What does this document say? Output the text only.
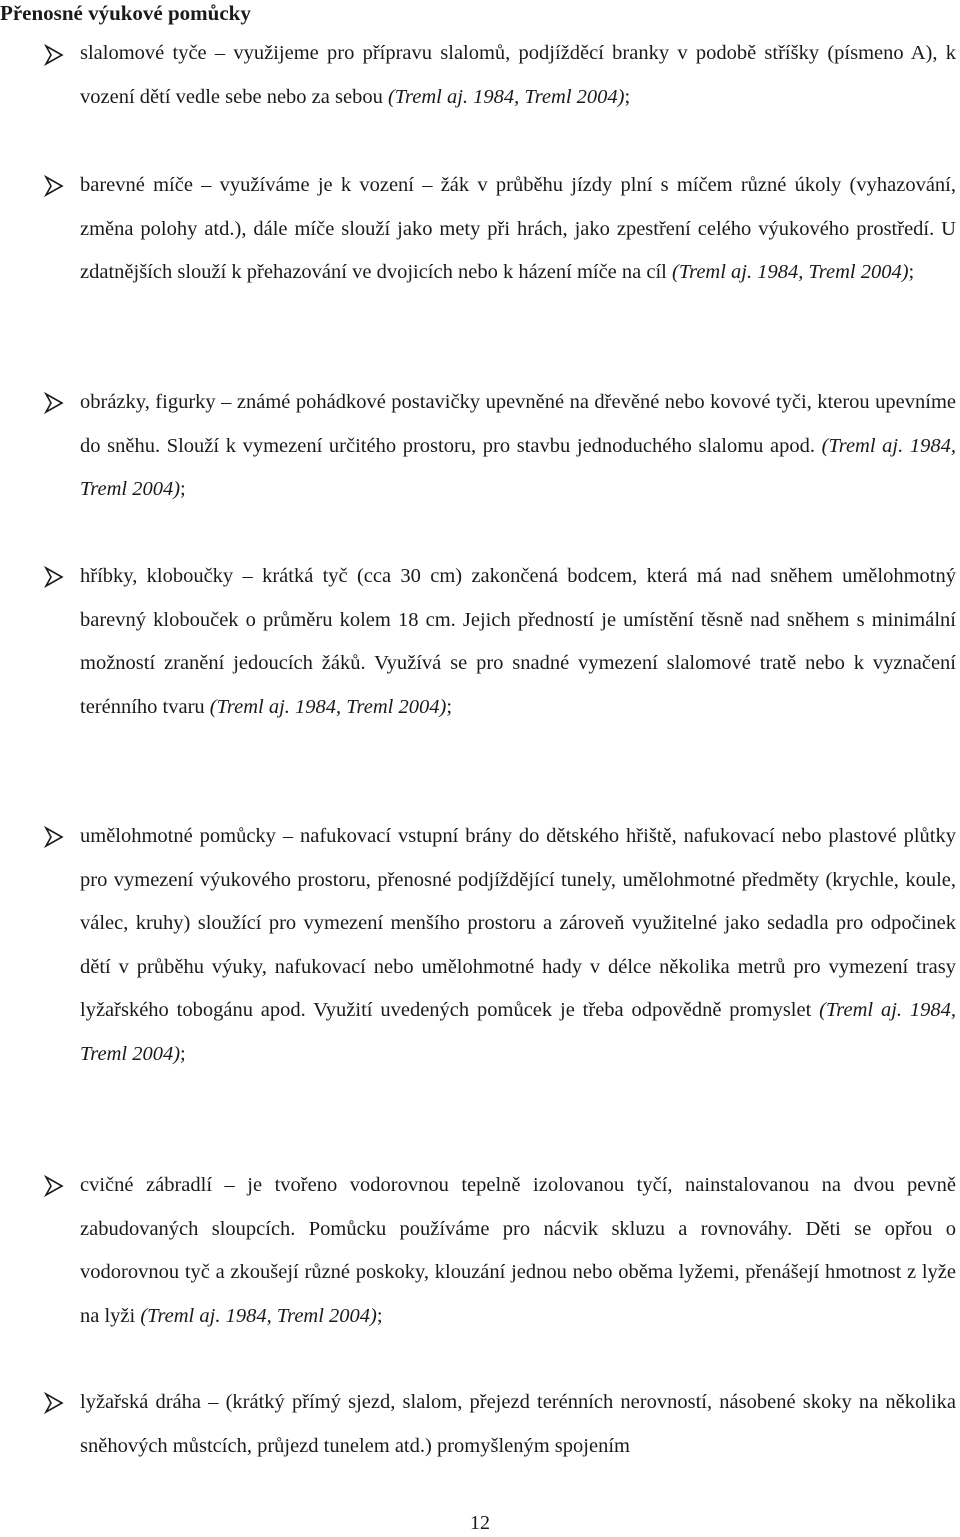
Přenosné výukové pomůcky

slalomové tyče – využijeme pro přípravu slalomů, podjížděcí branky v podobě stříšky (písmeno A), k vození dětí vedle sebe nebo za sebou (Treml aj. 1984, Treml 2004);

barevné míče – využíváme je k vození – žák v průběhu jízdy plní s míčem různé úkoly (vyhazování, změna polohy atd.), dále míče slouží jako mety při hrách, jako zpestření celého výukového prostředí. U zdatnějších slouží k přehazování ve dvojicích nebo k házení míče na cíl (Treml aj. 1984, Treml 2004);

obrázky, figurky – známé pohádkové postavičky upevněné na dřevěné nebo kovové tyči, kterou upevníme do sněhu. Slouží k vymezení určitého prostoru, pro stavbu jednoduchého slalomu apod. (Treml aj. 1984, Treml 2004);

hříbky, kloboučky – krátká tyč (cca 30 cm) zakončená bodcem, která má nad sněhem umělohmotný barevný klobouček o průměru kolem 18 cm. Jejich předností je umístění těsně nad sněhem s minimální možností zranění jedoucích žáků. Využívá se pro snadné vymezení slalomové tratě nebo k vyznačení terénního tvaru (Treml aj. 1984, Treml 2004);

umělohmotné pomůcky – nafukovací vstupní brány do dětského hřiště, nafukovací nebo plastové plůtky pro vymezení výukového prostoru, přenosné podjíždějící tunely, umělohmotné předměty (krychle, koule, válec, kruhy) sloužící pro vymezení menšího prostoru a zároveň využitelné jako sedadla pro odpočinek dětí v průběhu výuky, nafukovací nebo umělohmotné hady v délce několika metrů pro vymezení trasy lyžařského tobogánu apod. Využití uvedených pomůcek je třeba odpovědně promyslet (Treml aj. 1984, Treml 2004);

cvičné zábradlí – je tvořeno vodorovnou tepelně izolovanou tyčí, nainstalovanou na dvou pevně zabudovaných sloupcích. Pomůcku používáme pro nácvik skluzu a rovnováhy. Děti se opřou o vodorovnou tyč a zkoušejí různé poskoky, klouzání jednou nebo oběma lyžemi, přenášejí hmotnost z lyže na lyži (Treml aj. 1984, Treml 2004);

lyžařská dráha – (krátký přímý sjezd, slalom, přejezd terénních nerovností, násobené skoky na několika sněhových můstcích, průjezd tunelem atd.) promyšleným spojením

12
